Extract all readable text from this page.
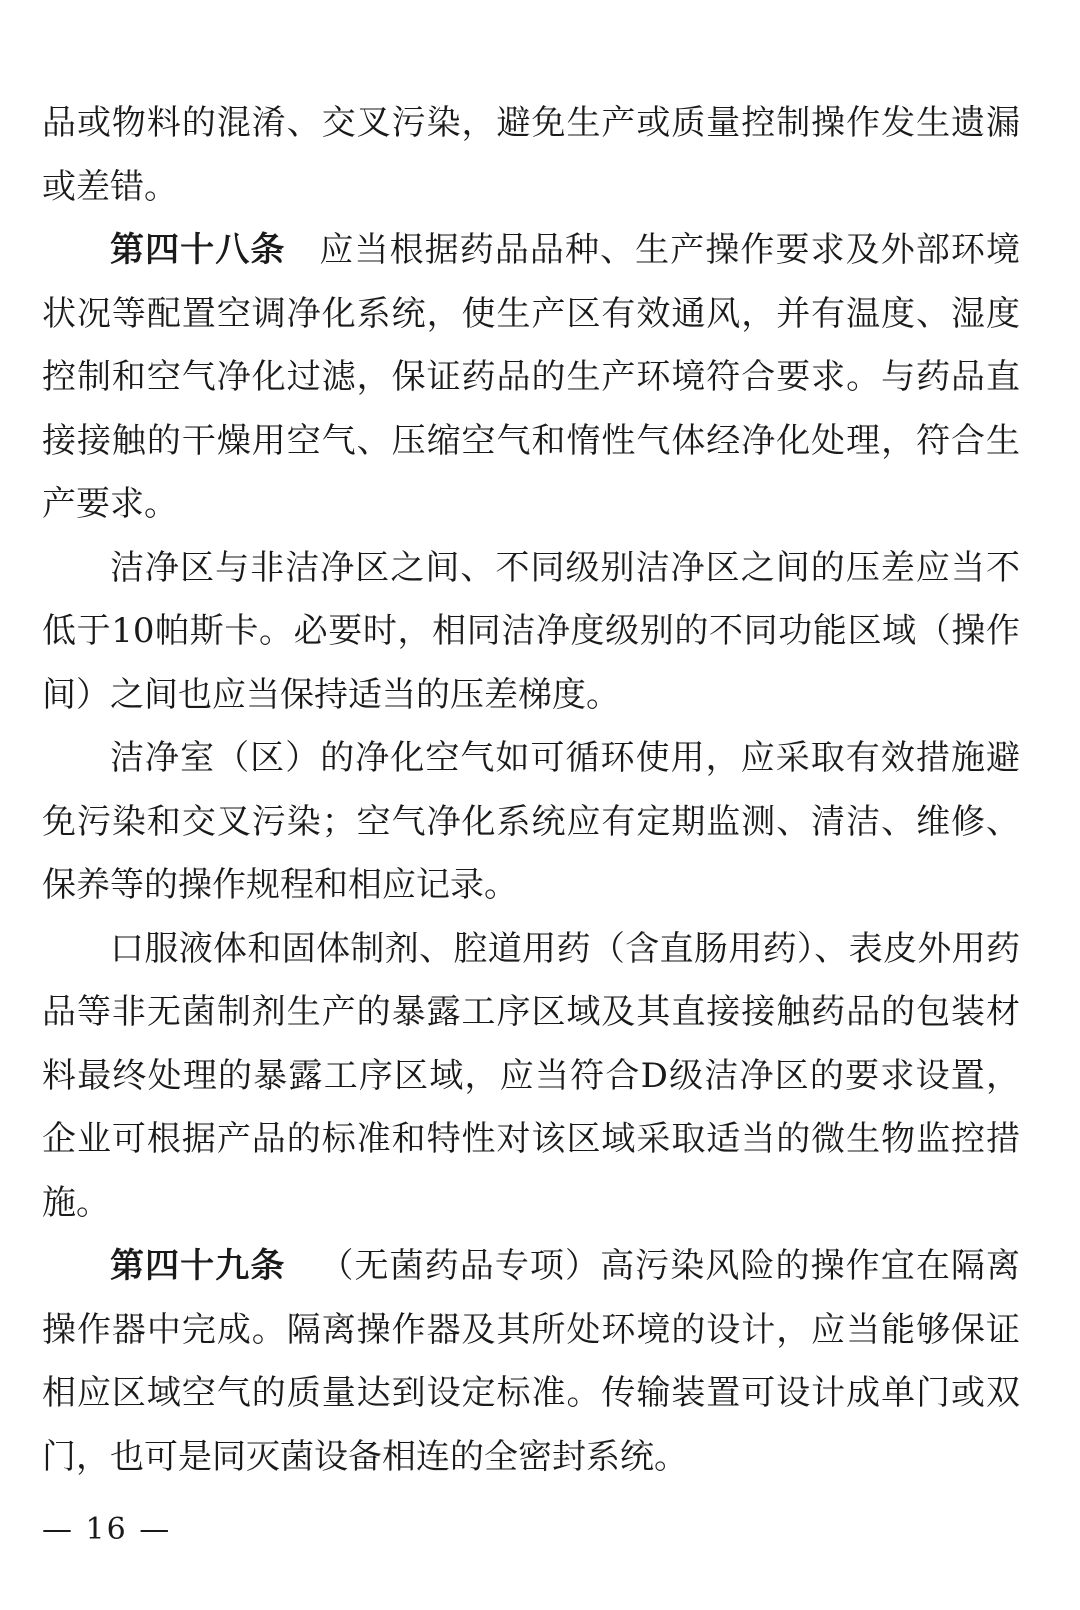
品或物料的混淆、交叉污染，避免生产或质量控制操作发生遗漏或差错。

第四十八条 应当根据药品品种、生产操作要求及外部环境状况等配置空调净化系统，使生产区有效通风，并有温度、湿度控制和空气净化过滤，保证药品的生产环境符合要求。与药品直接接触的干燥用空气、压缩空气和惰性气体经净化处理，符合生产要求。

洁净区与非洁净区之间、不同级别洁净区之间的压差应当不低于10帕斯卡。必要时，相同洁净度级别的不同功能区域（操作间）之间也应当保持适当的压差梯度。

洁净室（区）的净化空气如可循环使用，应采取有效措施避免污染和交叉污染；空气净化系统应有定期监测、清洁、维修、保养等的操作规程和相应记录。

口服液体和固体制剂、腔道用药（含直肠用药）、表皮外用药品等非无菌制剂生产的暴露工序区域及其直接接触药品的包装材料最终处理的暴露工序区域，应当符合D级洁净区的要求设置，企业可根据产品的标准和特性对该区域采取适当的微生物监控措施。

第四十九条 （无菌药品专项）高污染风险的操作宜在隔离操作器中完成。隔离操作器及其所处环境的设计，应当能够保证相应区域空气的质量达到设定标准。传输装置可设计成单门或双门，也可是同灭菌设备相连的全密封系统。

— 16 —
